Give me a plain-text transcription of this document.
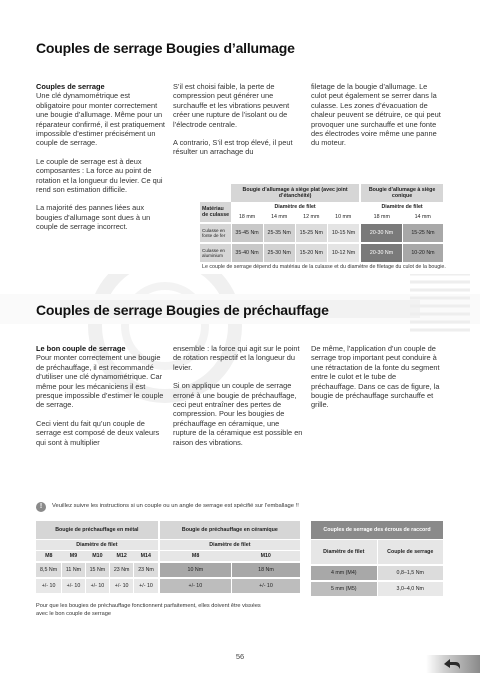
Couples de serrage Bougies d’allumage
Couples de serrage

Une clé dynamométrique est obligatoire pour monter correctement une bougie d’allumage. Même pour un réparateur confirmé, il est pratiquement impossible d’estimer précisément un couple de serrage.

Le couple de serrage est à deux composantes : La force au point de rotation et la longueur du levier. Ce qui rend son estimation difficile.

La majorité des pannes liées aux bougies d’allumage sont dues à un couple de serrage incorrect.

S’il est choisi faible, la perte de compression peut générer une surchauffe et les vibrations peuvent créer une rupture de l’isolant ou de l’électrode centrale.

A contrario, S’il est trop élevé, il peut résulter un arrachage du

filetage de la bougie d’allumage. Le culot peut également se serrer dans la culasse. Les zones d’évacuation de chaleur peuvent se détruire, ce qui peut provoquer une surchauffe et une fonte des électrodes voire même une panne du moteur.

	Bougie d’allumage à siège plat (avec joint d’étanchéité)				Bougie d’allumage à siège conique	
Matériau de culasse	Diamètre de filet				Diamètre de filet	
	18 mm	14 mm	12 mm	10 mm	18 mm	14 mm
Culasse en fonte de fer	35-45 Nm	25-35 Nm	15-25 Nm	10-15 Nm	20-30 Nm	15-25 Nm
Culasse en aluminium	35-40 Nm	25-30 Nm	15-20 Nm	10-12 Nm	20-30 Nm	10-20 Nm
Le couple de serrage dépend du matériau de la culasse et du diamètre de filetage du culot de la bougie.
Couples de serrage Bougies de préchauffage
Le bon couple de serrage

Pour monter correctement une bougie de préchauffage, il est recommandé d’utiliser une clé dynamométrique. Car même pour les mécaniciens il est presque impossible d’estimer le couple de serrage.

Ceci vient du fait qu’un couple de serrage est composé de deux valeurs qui sont à multiplier

ensemble : la force qui agit sur le point de rotation respectif et la longueur du levier.

Si on applique un couple de serrage erroné à une bougie de préchauffage, ceci peut entraîner des pertes de compression. Pour les bougies de préchauffage en céramique, une rupture de la céramique est possible en raison des vibrations.

De même, l’application d’un couple de serrage trop important peut conduire à une rétractation de la fonte du segment entre le culot et le tube de préchauffage. Dans ce cas de figure, la bougie de préchauffage surchauffe et grille.

!	Veuillez suivre les instructions si un couple ou un angle de serrage est spécifié sur l’emballage !!
Bougie de préchauffage en métal					Bougie de préchauffage en céramique	
Diamètre de filet					Diamètre de filet	
M8	M9	M10	M12	M14	M8	M10
8,5 Nm	11 Nm	15 Nm	23 Nm	23 Nm	10 Nm	18 Nm
+/- 10	+/- 10	+/- 10	+/- 10	+/- 10	+/- 10	+/- 10
Couples de serrage des écrous de raccord	
Diamètre de filet	Couple de serrage
4 mm (M4)	0,8–1,5 Nm
5 mm (M5)	3,0–4,0 Nm
Pour que les bougies de préchauffage fonctionnent parfaitement, elles doivent être vissées avec le bon couple de serrage
56
